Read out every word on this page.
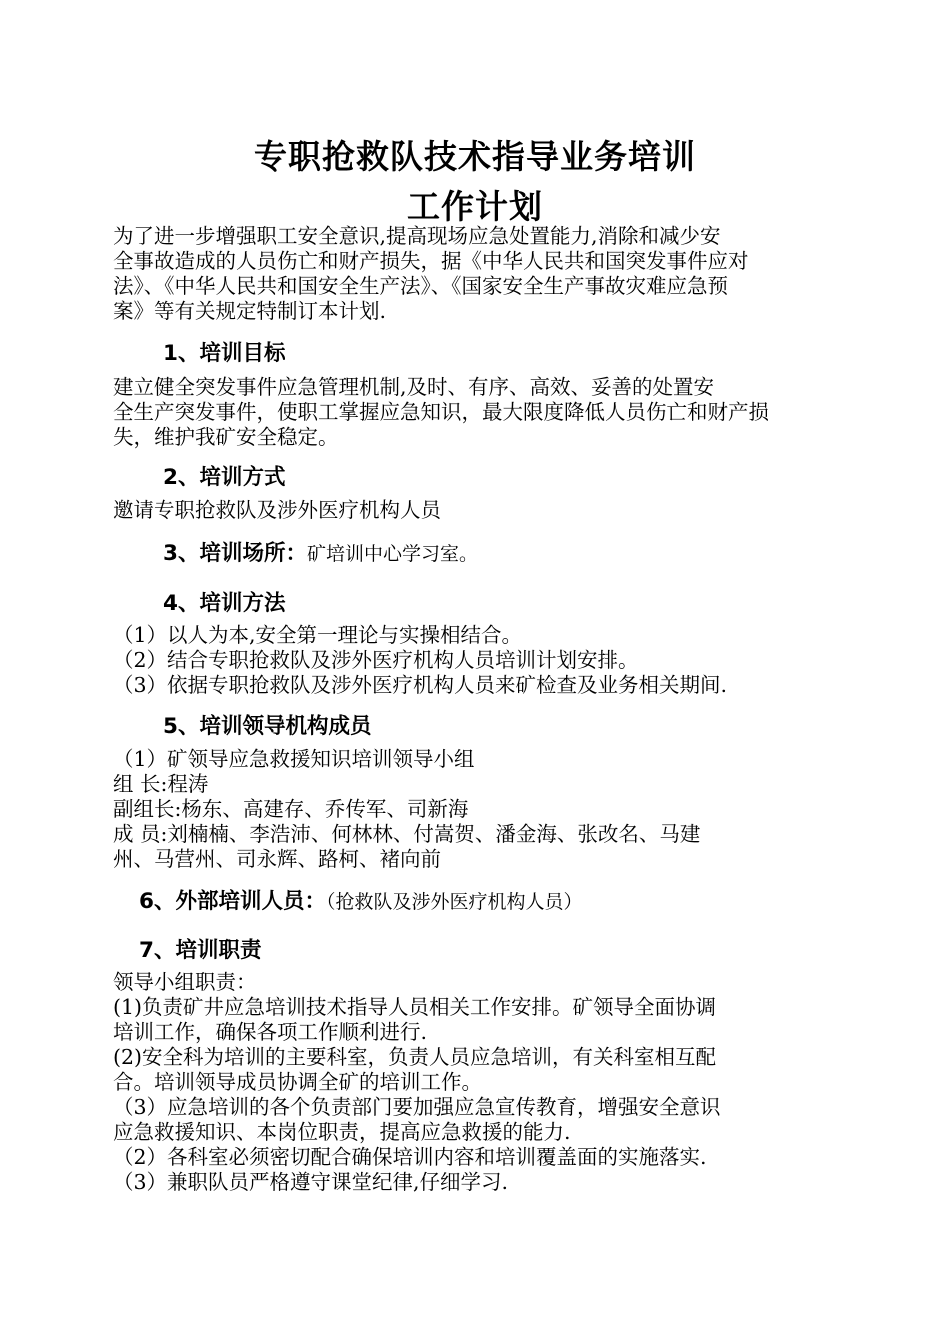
专职抢救队技术指导业务培训
工作计划
为了进一步增强职工安全意识,提高现场应急处置能力,消除和减少安
全事故造成的人员伤亡和财产损失，据《中华人民共和国突发事件应对
法》、《中华人民共和国安全生产法》、《国家安全生产事故灾难应急预
案》等有关规定特制订本计划.
1、培训目标
建立健全突发事件应急管理机制,及时、有序、高效、妥善的处置安
全生产突发事件，使职工掌握应急知识，最大限度降低人员伤亡和财产损
失，维护我矿安全稳定。
2、培训方式
邀请专职抢救队及涉外医疗机构人员
3、培训场所：矿培训中心学习室。
4、培训方法
（1）以人为本,安全第一理论与实操相结合。
（2）结合专职抢救队及涉外医疗机构人员培训计划安排。
（3）依据专职抢救队及涉外医疗机构人员来矿检查及业务相关期间.
5、培训领导机构成员
（1）矿领导应急救援知识培训领导小组
组 长:程涛
副组长:杨东、高建存、乔传军、司新海
成 员:刘楠楠、李浩沛、何林林、付嵩贺、潘金海、张改名、马建
州、马营州、司永辉、路柯、褚向前
6、外部培训人员：（抢救队及涉外医疗机构人员）
7、培训职责
领导小组职责：
(1)负责矿井应急培训技术指导人员相关工作安排。矿领导全面协调
培训工作，确保各项工作顺利进行.
(2)安全科为培训的主要科室，负责人员应急培训，有关科室相互配
合。培训领导成员协调全矿的培训工作。
（3）应急培训的各个负责部门要加强应急宣传教育，增强安全意识
应急救援知识、本岗位职责，提高应急救援的能力.
（2）各科室必须密切配合确保培训内容和培训覆盖面的实施落实.
（3）兼职队员严格遵守课堂纪律,仔细学习.
